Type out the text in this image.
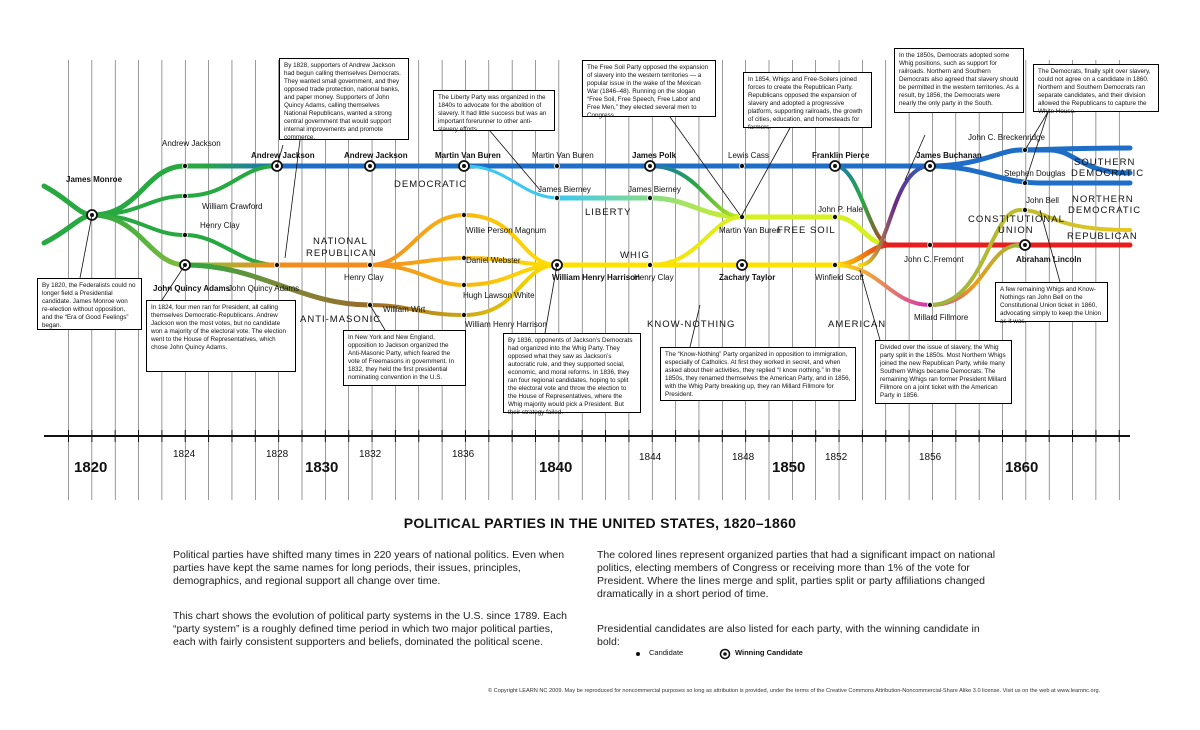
James Monroe
Andrew Jackson
William Crawford
Henry Clay
John Quincy Adams
Andrew Jackson
John Quincy Adams
Andrew Jackson
Henry Clay
William Wirt
Martin Van Buren
Willie Person Magnum
Daniel Webster
Hugh Lawson White
William Henry Harrison
Martin Van Buren
James Bierney
William Henry Harrison
James Polk
James Bierney
Henry Clay
Lewis Cass
Martin Van Buren
Zachary Taylor
Franklin Pierce
John P. Hale
Winfield Scott
James Buchanan
John C. Fremont
Millard Fillmore
John C. Breckenridge
Stephen Douglas
John Bell
Abraham Lincoln
DEMOCRATIC
NATIONAL REPUBLICAN
ANTI-MASONIC
LIBERTY
WHIG
FREE SOIL
KNOW-NOTHING	AMERICAN
REPUBLICAN
SOUTHERN DEMOCRATIC
NORTHERN DEMOCRATIC
CONSTITUTIONAL UNION
1820
1824	1828
1830
1832	1836
1840
1844	1848
1850
1852	1856
1860
By 1820, the Federalists could no longer field a Presidential candidate. James Monroe won re-election without opposition, and the “Era of Good Feelings” began.
In 1824, four men ran for President, all calling themselves Democratic-Republicans. Andrew Jackson won the most votes, but no candidate won a majority of the electoral vote. The election went to the House of Representatives, which chose John Quincy Adams.
By 1828, supporters of Andrew Jackson had begun calling themselves Democrats. They wanted small government, and they opposed trade protection, national banks, and paper money. Supporters of John Quincy Adams, calling themselves National Republicans, wanted a strong central government that would support internal improvements and promote commerce.
In New York and New England, opposition to Jackson organized the Anti-Masonic Party, which feared the vote of Freemasons in government. In 1832, they held the first presidential nominating convention in the U.S.
The Liberty Party was organized in the 1840s to advocate for the abolition of slavery. It had little success but was an important forerunner to other anti-slavery efforts.
By 1836, opponents of Jackson’s Democrats had organized into the Whig Party. They opposed what they saw as Jackson’s autocratic rule, and they supported social, economic, and moral reforms. In 1836, they ran four regional candidates, hoping to split the electoral vote and throw the election to the House of Representatives, where the Whig majority would pick a President. But their strategy failed.
The Free Soil Party opposed the expansion of slavery into the western territories — a popular issue in the wake of the Mexican War (1846–48). Running on the slogan “Free Soil, Free Speech, Free Labor and Free Men,” they elected several men to Congress.
In 1854, Whigs and Free-Soilers joined forces to create the Republican Party. Republicans opposed the expansion of slavery and adopted a progressive platform, supporting railroads, the growth of cities, education, and homesteads for farmers.
The “Know-Nothing” Party organized in opposition to immigration, especially of Catholics. At first they worked in secret, and when asked about their activities, they replied “I know nothing.” In the 1850s, they renamed themselves the American Party, and in 1856, with the Whig Party breaking up, they ran Millard Fillmore for President.
In the 1850s, Democrats adopted some Whig positions, such as support for railroads. Northern and Southern Democrats also agreed that slavery should be permitted in the western territories. As a result, by 1856, the Democrats were nearly the only party in the South.
Divided over the issue of slavery, the Whig party split in the 1850s. Most Northern Whigs joined the new Republican Party, while many Southern Whigs became Democrats. The remaining Whigs ran former President Millard Fillmore on a joint ticket with the American Party in 1856.
The Democrats, finally split over slavery, could not agree on a candidate in 1860. Northern and Southern Democrats ran separate candidates, and their division allowed the Republicans to capture the White House.
A few remaining Whigs and Know-Nothings ran John Bell on the Constitutional Union ticket in 1860, advocating simply to keep the Union as it was.
POLITICAL PARTIES IN THE UNITED STATES, 1820–1860

Political parties have shifted many times in 220 years of national politics. Even when parties have kept the same names for long periods, their issues, principles, demographics, and regional support all change over time.

This chart shows the evolution of political party systems in the U.S. since 1789. Each “party system” is a roughly defined time period in which two major political parties, each with fairly consistent supporters and beliefs, dominated the political scene.

The colored lines represent organized parties that had a significant impact on national politics, electing members of Congress or receiving more than 1% of the vote for President. Where the lines merge and split, parties split or party affiliations changed dramatically in a short period of time.

Presidential candidates are also listed for each party, with the winning candidate in bold:

Candidate	Winning Candidate
© Copyright LEARN NC 2009. May be reproduced for noncommercial purposes so long as attribution is provided, under the terms of the Creative Commons Attribution-Noncommercial-Share Alike 3.0 license. Visit us on the web at www.learnnc.org.
